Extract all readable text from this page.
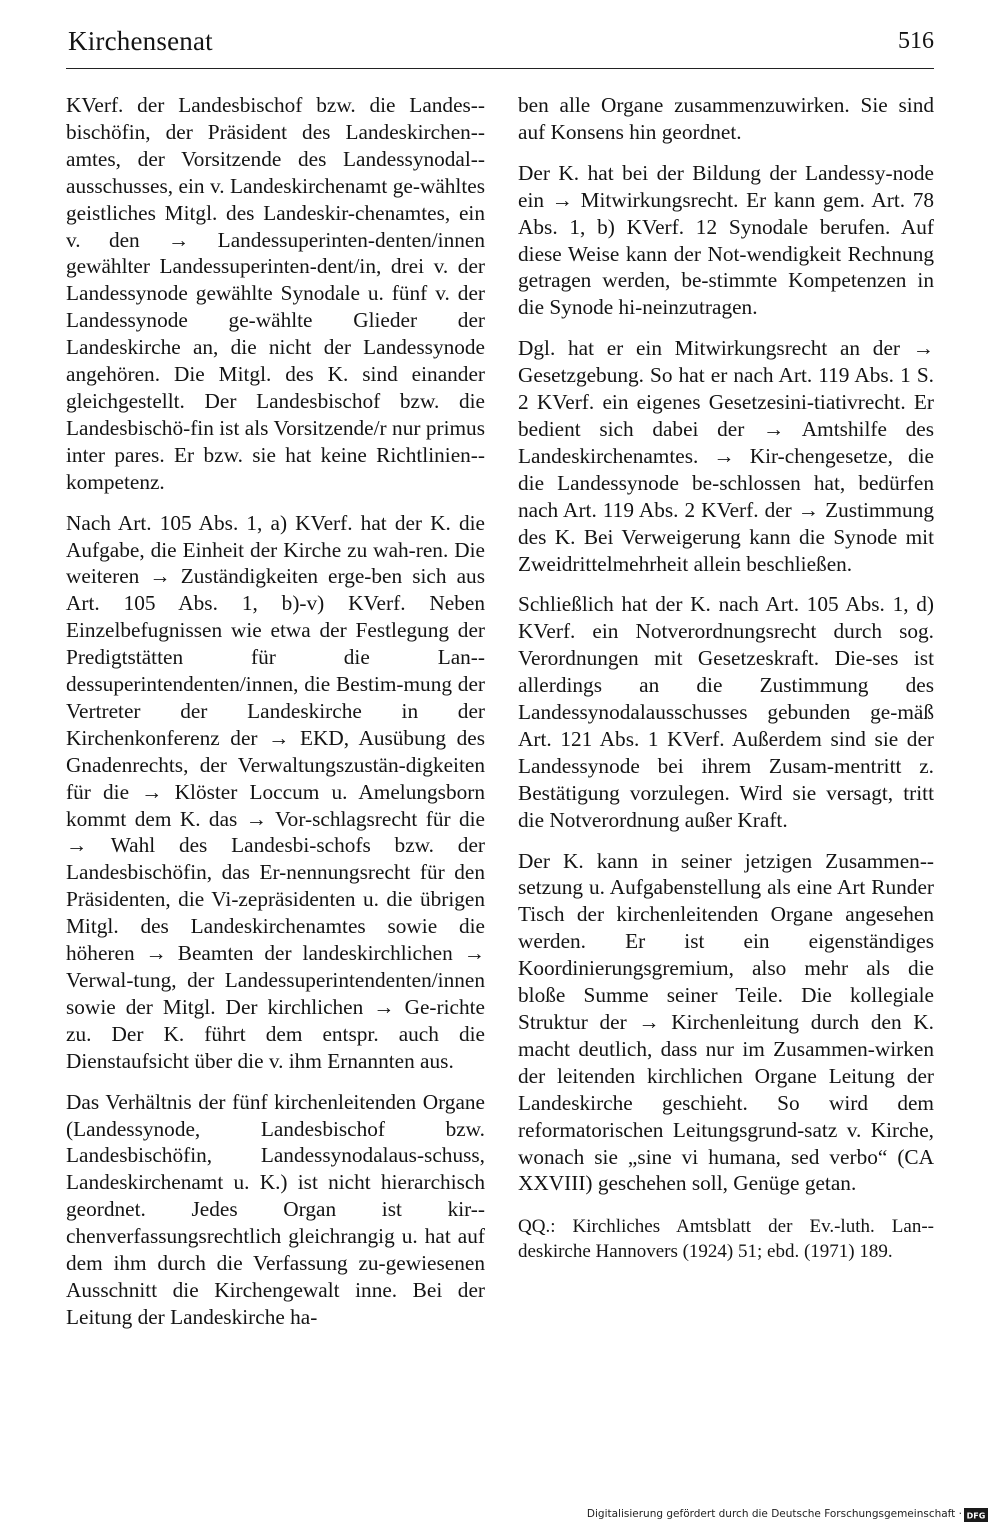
Kirchensenat	516

KVerf. der Landesbischof bzw. die Landes-bischöfin, der Präsident des Landeskirchen-amtes, der Vorsitzende des Landessynodal-ausschusses, ein v. Landeskirchenamt ge-wähltes geistliches Mitgl. des Landeskir-chenamtes, ein v. den → Landessuperinten-denten/innen gewählter Landessuperinten-dent/in, drei v. der Landessynode gewählte Synodale u. fünf v. der Landessynode ge-wählte Glieder der Landeskirche an, die nicht der Landessynode angehören. Die Mitgl. des K. sind einander gleichgestellt. Der Landesbischof bzw. die Landesbischö-fin ist als Vorsitzende/r nur primus inter pares. Er bzw. sie hat keine Richtlinien-kompetenz.

Nach Art. 105 Abs. 1, a) KVerf. hat der K. die Aufgabe, die Einheit der Kirche zu wah-ren. Die weiteren → Zuständigkeiten erge-ben sich aus Art. 105 Abs. 1, b)-v) KVerf. Neben Einzelbefugnissen wie etwa der Festlegung der Predigtstätten für die Lan-dessuperintendenten/innen, die Bestim-mung der Vertreter der Landeskirche in der Kirchenkonferenz der → EKD, Ausübung des Gnadenrechts, der Verwaltungszustän-digkeiten für die → Klöster Loccum u. Amelungsborn kommt dem K. das → Vor-schlagsrecht für die → Wahl des Landesbi-schofs bzw. der Landesbischöfin, das Er-nennungsrecht für den Präsidenten, die Vi-zepräsidenten u. die übrigen Mitgl. des Landeskirchenamtes sowie die höheren → Beamten der landeskirchlichen → Verwal-tung, der Landessuperintendenten/innen sowie der Mitgl. Der kirchlichen → Ge-richte zu. Der K. führt dem entspr. auch die Dienstaufsicht über die v. ihm Ernannten aus.

Das Verhältnis der fünf kirchenleitenden Organe (Landessynode, Landesbischof bzw. Landesbischöfin, Landessynodalaus-schuss, Landeskirchenamt u. K.) ist nicht hierarchisch geordnet. Jedes Organ ist kir-chenverfassungsrechtlich gleichrangig u. hat auf dem ihm durch die Verfassung zu-gewiesenen Ausschnitt die Kirchengewalt inne. Bei der Leitung der Landeskirche ha-

ben alle Organe zusammenzuwirken. Sie sind auf Konsens hin geordnet.

Der K. hat bei der Bildung der Landessy-node ein → Mitwirkungsrecht. Er kann gem. Art. 78 Abs. 1, b) KVerf. 12 Synodale berufen. Auf diese Weise kann der Not-wendigkeit Rechnung getragen werden, be-stimmte Kompetenzen in die Synode hi-neinzutragen.

Dgl. hat er ein Mitwirkungsrecht an der → Gesetzgebung. So hat er nach Art. 119 Abs. 1 S. 2 KVerf. ein eigenes Gesetzesini-tiativrecht. Er bedient sich dabei der → Amtshilfe des Landeskirchenamtes. → Kir-chengesetze, die die Landessynode be-schlossen hat, bedürfen nach Art. 119 Abs. 2 KVerf. der → Zustimmung des K. Bei Verweigerung kann die Synode mit Zweidrittelmehrheit allein beschließen.

Schließlich hat der K. nach Art. 105 Abs. 1, d) KVerf. ein Notverordnungsrecht durch sog. Verordnungen mit Gesetzeskraft. Die-ses ist allerdings an die Zustimmung des Landessynodalausschusses gebunden ge-mäß Art. 121 Abs. 1 KVerf. Außerdem sind sie der Landessynode bei ihrem Zusam-mentritt z. Bestätigung vorzulegen. Wird sie versagt, tritt die Notverordnung außer Kraft.

Der K. kann in seiner jetzigen Zusammen-setzung u. Aufgabenstellung als eine Art Runder Tisch der kirchenleitenden Organe angesehen werden. Er ist ein eigenständiges Koordinierungsgremium, also mehr als die bloße Summe seiner Teile. Die kollegiale Struktur der → Kirchenleitung durch den K. macht deutlich, dass nur im Zusammen-wirken der leitenden kirchlichen Organe Leitung der Landeskirche geschieht. So wird dem reformatorischen Leitungsgrund-satz v. Kirche, wonach sie „sine vi humana, sed verbo“ (CA XXVIII) geschehen soll, Genüge getan.

QQ.: Kirchliches Amtsblatt der Ev.-luth. Lan-deskirche Hannovers (1924) 51; ebd. (1971) 189.

Digitalisierung gefördert durch die Deutsche Forschungsgemeinschaft · DFG
